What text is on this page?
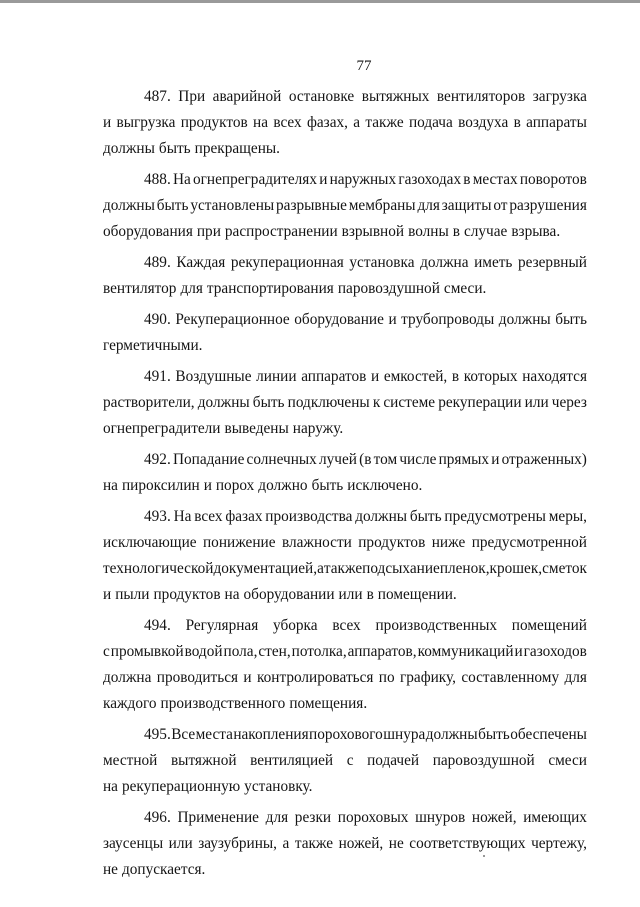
77
487. При аварийной остановке вытяжных вентиляторов загрузка
и выгрузка продуктов на всех фазах, а также подача воздуха в аппараты
должны быть прекращены.
488. На огнепреградителях и наружных газоходах в местах поворотов
должны быть установлены разрывные мембраны для защиты от разрушения
оборудования при распространении взрывной волны в случае взрыва.
489. Каждая рекуперационная установка должна иметь резервный
вентилятор для транспортирования паровоздушной смеси.
490. Рекуперационное оборудование и трубопроводы должны быть
герметичными.
491. Воздушные линии аппаратов и емкостей, в которых находятся
растворители, должны быть подключены к системе рекуперации или через
огнепреградители выведены наружу.
492. Попадание солнечных лучей (в том числе прямых и отраженных)
на пироксилин и порох должно быть исключено.
493. На всех фазах производства должны быть предусмотрены меры,
исключающие понижение влажности продуктов ниже предусмотренной
технологической документацией, а также подсыхание пленок, крошек, сметок
и пыли продуктов на оборудовании или в помещении.
494. Регулярная уборка всех производственных помещений
с промывкой водой пола, стен, потолка, аппаратов, коммуникаций и газоходов
должна проводиться и контролироваться по графику, составленному для
каждого производственного помещения.
495. Все места накопления порохового шнура должны быть обеспечены
местной вытяжной вентиляцией с подачей паровоздушной смеси
на рекуперационную установку.
496. Применение для резки пороховых шнуров ножей, имеющих
заусенцы или заузубрины, а также ножей, не соответствующих чертежу,
не допускается.
